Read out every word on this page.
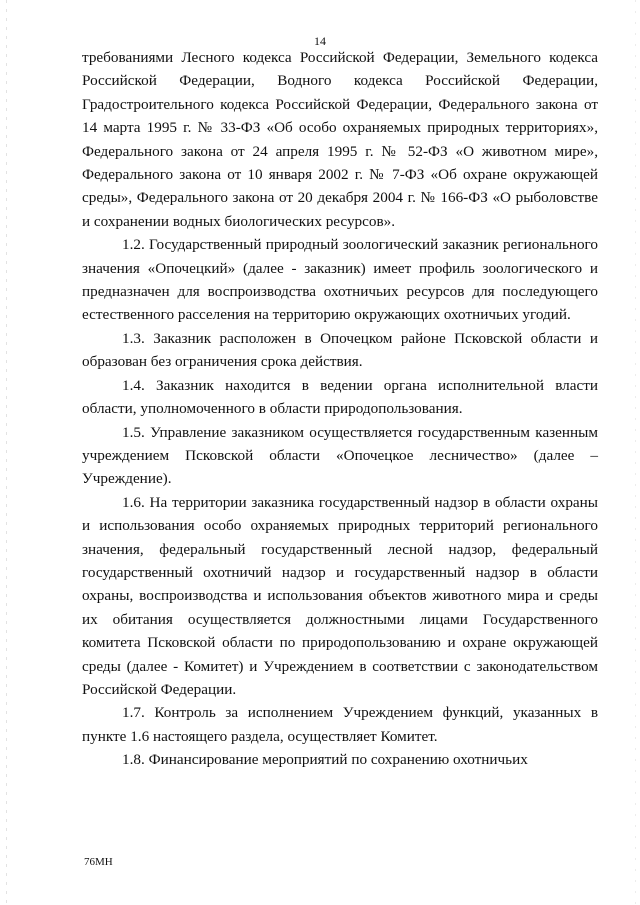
14

требованиями Лесного кодекса Российской Федерации, Земельного кодекса Российской Федерации, Водного кодекса Российской Федерации, Градостроительного кодекса Российской Федерации, Федерального закона от 14 марта 1995 г. № 33-ФЗ «Об особо охраняемых природных территориях», Федерального закона от 24 апреля 1995 г. № 52-ФЗ «О животном мире», Федерального закона от 10 января 2002 г. № 7-ФЗ «Об охране окружающей среды», Федерального закона от 20 декабря 2004 г. № 166-ФЗ «О рыболовстве и сохранении водных биологических ресурсов».

1.2. Государственный природный зоологический заказник регионального значения «Опочецкий» (далее - заказник) имеет профиль зоологического и предназначен для воспроизводства охотничьих ресурсов для последующего естественного расселения на территорию окружающих охотничьих угодий.

1.3. Заказник расположен в Опочецком районе Псковской области и образован без ограничения срока действия.

1.4. Заказник находится в ведении органа исполнительной власти области, уполномоченного в области природопользования.

1.5. Управление заказником осуществляется государственным казенным учреждением Псковской области «Опочецкое лесничество» (далее – Учреждение).

1.6. На территории заказника государственный надзор в области охраны и использования особо охраняемых природных территорий регионального значения, федеральный государственный лесной надзор, федеральный государственный охотничий надзор и государственный надзор в области охраны, воспроизводства и использования объектов животного мира и среды их обитания осуществляется должностными лицами Государственного комитета Псковской области по природопользованию и охране окружающей среды (далее - Комитет) и Учреждением в соответствии с законодательством Российской Федерации.

1.7. Контроль за исполнением Учреждением функций, указанных в пункте 1.6 настоящего раздела, осуществляет Комитет.

1.8. Финансирование мероприятий по сохранению охотничьих

76МН
